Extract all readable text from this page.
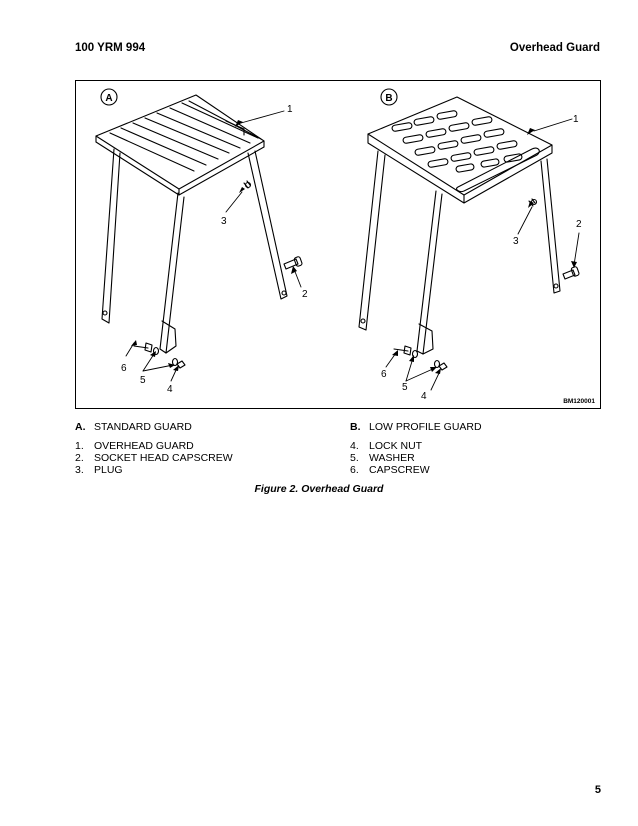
100 YRM 994	Overhead Guard
A	B
1
2
3
4
5
6
1
2
3
4
5
6
BM120001
A. STANDARD GUARD	B. LOW PROFILE GUARD
1. OVERHEAD GUARD
2. SOCKET HEAD CAPSCREW
3. PLUG
4. LOCK NUT
5. WASHER
6. CAPSCREW
Figure 2. Overhead Guard
5
